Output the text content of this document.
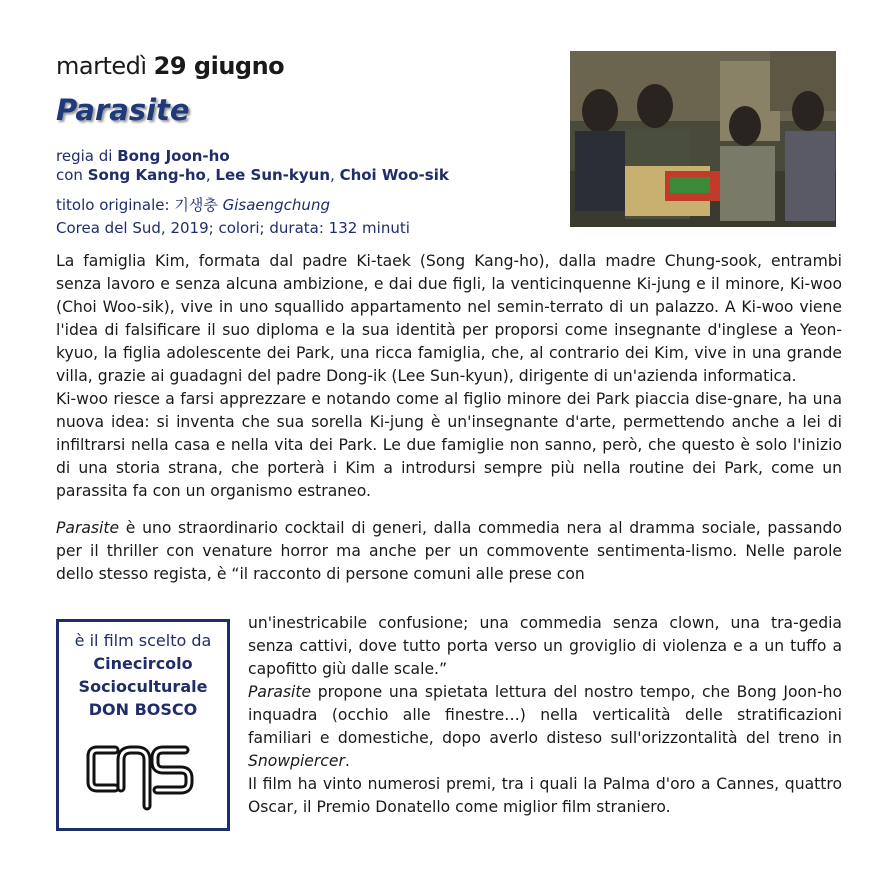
martedì 29 giugno
Parasite
regia di Bong Joon-ho
con Song Kang-ho, Lee Sun-kyun, Choi Woo-sik
titolo originale: 기생충 Gisaengchung
Corea del Sud, 2019; colori; durata: 132 minuti

La famiglia Kim, formata dal padre Ki-taek (Song Kang-ho), dalla madre Chung-sook, entrambi senza lavoro e senza alcuna ambizione, e dai due figli, la venticinquenne Ki-jung e il minore, Ki-woo (Choi Woo-sik), vive in uno squallido appartamento nel semin-terrato di un palazzo. A Ki-woo viene l'idea di falsificare il suo diploma e la sua identità per proporsi come insegnante d'inglese a Yeon-kyuo, la figlia adolescente dei Park, una ricca famiglia, che, al contrario dei Kim, vive in una grande villa, grazie ai guadagni del padre Dong-ik (Lee Sun-kyun), dirigente di un'azienda informatica.

Ki-woo riesce a farsi apprezzare e notando come al figlio minore dei Park piaccia dise-gnare, ha una nuova idea: si inventa che sua sorella Ki-jung è un'insegnante d'arte, permettendo anche a lei di infiltrarsi nella casa e nella vita dei Park. Le due famiglie non sanno, però, che questo è solo l'inizio di una storia strana, che porterà i Kim a introdursi sempre più nella routine dei Park, come un parassita fa con un organismo estraneo.

Parasite è uno straordinario cocktail di generi, dalla commedia nera al dramma sociale, passando per il thriller con venature horror ma anche per un commovente sentimenta-lismo. Nelle parole dello stesso regista, è “il racconto di persone comuni alle prese con

un'inestricabile confusione; una commedia senza clown, una tra-gedia senza cattivi, dove tutto porta verso un groviglio di violenza e a un tuffo a capofitto giù dalle scale.”

Parasite propone una spietata lettura del nostro tempo, che Bong Joon-ho inquadra (occhio alle finestre…) nella verticalità delle stratificazioni familiari e domestiche, dopo averlo disteso sull'orizzontalità del treno in Snowpiercer.

Il film ha vinto numerosi premi, tra i quali la Palma d'oro a Cannes, quattro Oscar, il Premio Donatello come miglior film straniero.

è il film scelto da
Cinecircolo
Socioculturale
DON BOSCO
